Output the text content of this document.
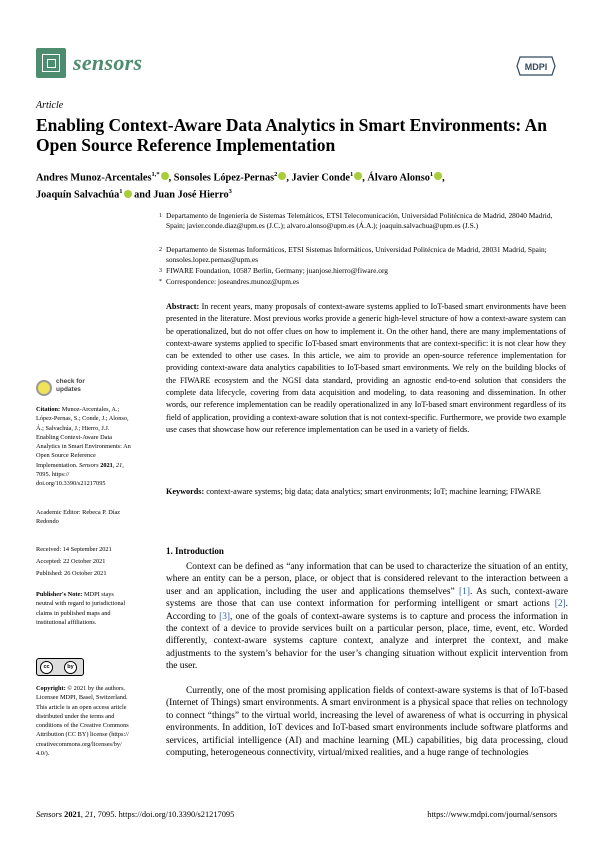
sensors	MDPI
Article
Enabling Context-Aware Data Analytics in Smart Environments: An Open Source Reference Implementation
Andres Munoz-Arcentales$^{1,*}$ , Sonsoles López-Pernas$^2$ , Javier Conde$^1$ , Álvaro Alonso$^1$ ,
Joaquín Salvachúa$^1$ and Juan José Hierro$^3$
1 Departamento de Ingeniería de Sistemas Telemáticos, ETSI Telecomunicación, Universidad Politécnica de Madrid, 28040 Madrid, Spain; javier.conde.diaz@upm.es (J.C.); alvaro.alonso@upm.es (Á.A.); joaquin.salvachua@upm.es (J.S.)
2 Departamento de Sistemas Informáticos, ETSI Sistemas Informáticos, Universidad Politécnica de Madrid, 28031 Madrid, Spain; sonsoles.lopez.pernas@upm.es
3 FIWARE Foundation, 10587 Berlin, Germany; juanjose.hierro@fiware.org
* Correspondence: joseandres.munoz@upm.es
Abstract: In recent years, many proposals of context-aware systems applied to IoT-based smart environments have been presented in the literature. Most previous works provide a generic high-level structure of how a context-aware system can be operationalized, but do not offer clues on how to implement it. On the other hand, there are many implementations of context-aware systems applied to specific IoT-based smart environments that are context-specific: it is not clear how they can be extended to other use cases. In this article, we aim to provide an open-source reference implementation for providing context-aware data analytics capabilities to IoT-based smart environments. We rely on the building blocks of the FIWARE ecosystem and the NGSI data standard, providing an agnostic end-to-end solution that considers the complete data lifecycle, covering from data acquisition and modeling, to data reasoning and dissemination. In other words, our reference implementation can be readily operationalized in any IoT-based smart environment regardless of its field of application, providing a context-aware solution that is not context-specific. Furthermore, we provide two example use cases that showcase how our reference implementation can be used in a variety of fields.
Keywords: context-aware systems; big data; data analytics; smart environments; IoT; machine learning; FIWARE
check for
updates
Citation: Munoz-Arcentales, A.; López-Pernas, S.; Conde, J.; Alonso, Á.; Salvachúa, J.; Hierro, J.J. Enabling Context-Aware Data Analytics in Smart Environments: An Open Source Reference Implementation. Sensors 2021, 21, 7095. https:// doi.org/10.3390/s21217095
Academic Editor: Rebeca P. Díaz Redondo
Received: 14 September 2021
Accepted: 22 October 2021
Published: 26 October 2021
Publisher's Note: MDPI stays neutral with regard to jurisdictional claims in published maps and institutional affiliations.
cc	by
Copyright: © 2021 by the authors. Licensee MDPI, Basel, Switzerland. This article is an open access article distributed under the terms and conditions of the Creative Commons Attribution (CC BY) license (https:// creativecommons.org/licenses/by/ 4.0/).
1. Introduction
Context can be defined as “any information that can be used to characterize the situation of an entity, where an entity can be a person, place, or object that is considered relevant to the interaction between a user and an application, including the user and applications themselves” [1]. As such, context-aware systems are those that can use context information for performing intelligent or smart actions [2]. According to [3], one of the goals of context-aware systems is to capture and process the information in the context of a device to provide services built on a particular person, place, time, event, etc. Worded differently, context-aware systems capture context, analyze and interpret the context, and make adjustments to the system’s behavior for the user’s changing situation without explicit intervention from the user.
Currently, one of the most promising application fields of context-aware systems is that of IoT-based (Internet of Things) smart environments. A smart environment is a physical space that relies on technology to connect “things” to the virtual world, increasing the level of awareness of what is occurring in physical environments. In addition, IoT devices and IoT-based smart environments include software platforms and services, artificial intelligence (AI) and machine learning (ML) capabilities, big data processing, cloud computing, heterogeneous connectivity, virtual/mixed realities, and a huge range of technologies
Sensors 2021, 21, 7095. https://doi.org/10.3390/s21217095	https://www.mdpi.com/journal/sensors
